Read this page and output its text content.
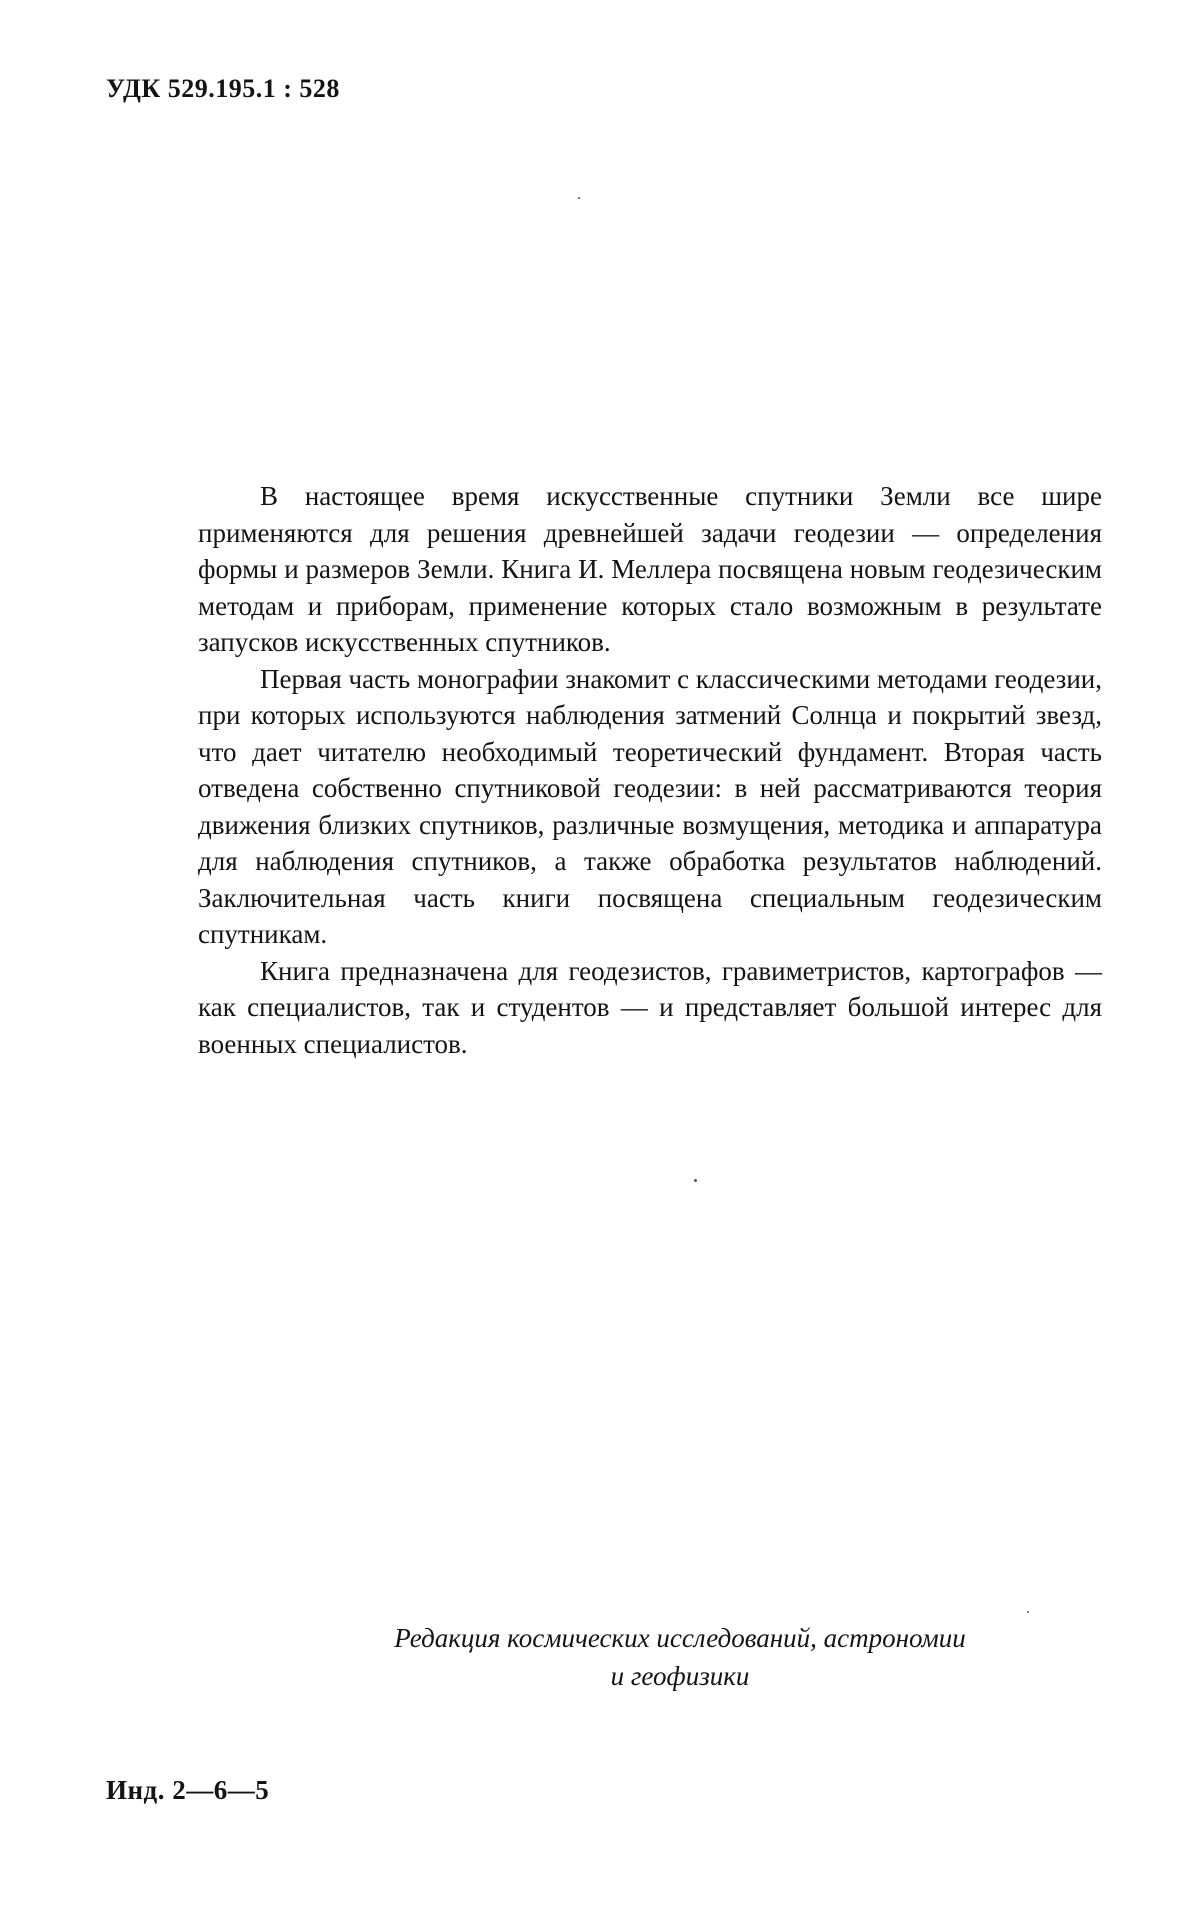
УДК 529.195.1 : 528

В настоящее время искусственные спутники Земли все шире применяются для решения древнейшей задачи геодезии — определения формы и размеров Земли. Книга И. Меллера посвящена новым геодезическим методам и приборам, применение которых стало возможным в результате запусков искусственных спутников.

Первая часть монографии знакомит с классическими методами геодезии, при которых используются наблюдения затмений Солнца и покрытий звезд, что дает читателю необходимый теоретический фундамент. Вторая часть отведена собственно спутниковой геодезии: в ней рассматриваются теория движения близких спутников, различные возмущения, методика и аппаратура для наблюдения спутников, а также обработка результатов наблюдений. Заключительная часть книги посвящена специальным геодезическим спутникам.

Книга предназначена для геодезистов, гравиметристов, картографов — как специалистов, так и студентов — и представляет большой интерес для военных специалистов.

Редакция космических исследований, астрономии
и геофизики

Инд. 2—6—5
